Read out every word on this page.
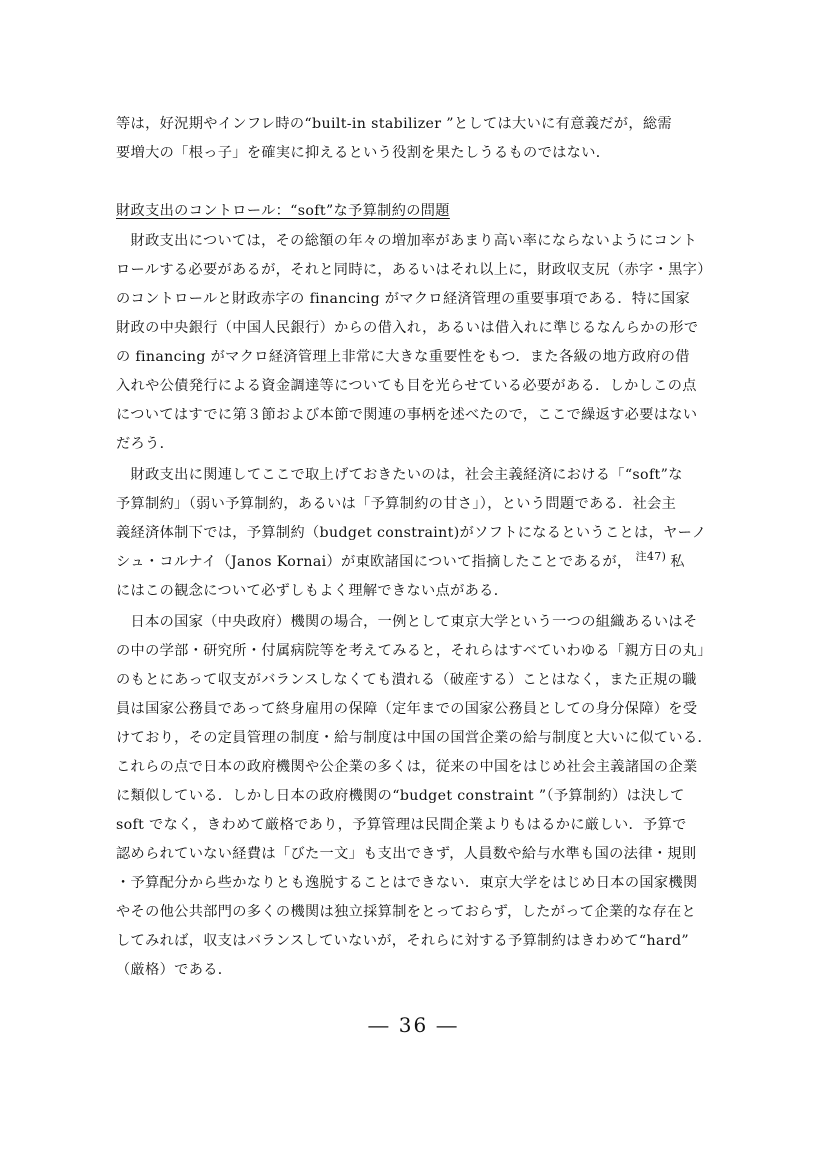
等は，好況期やインフレ時の“built-in stabilizer ”としては大いに有意義だが，総需
要増大の「根っ子」を確実に抑えるという役割を果たしうるものではない．
財政支出のコントロール：“soft”な予算制約の問題
　財政支出については，その総額の年々の増加率があまり高い率にならないようにコント
ロールする必要があるが，それと同時に，あるいはそれ以上に，財政収支尻（赤字・黒字）
のコントロールと財政赤字の financing がマクロ経済管理の重要事項である．特に国家
財政の中央銀行（中国人民銀行）からの借入れ，あるいは借入れに準じるなんらかの形で
の financing がマクロ経済管理上非常に大きな重要性をもつ．また各級の地方政府の借
入れや公債発行による資金調達等についても目を光らせている必要がある．しかしこの点
についてはすでに第３節および本節で関連の事柄を述べたので，ここで繰返す必要はない
だろう．
　財政支出に関連してここで取上げておきたいのは，社会主義経済における「“soft”な
予算制約」（弱い予算制約，あるいは「予算制約の甘さ」），という問題である．社会主
義経済体制下では，予算制約（budget constraint)がソフトになるということは，ヤーノ
シュ・コルナイ（Janos Kornai）が東欧諸国について指摘したことであるが， $^{注47)}$ 私
にはこの観念について必ずしもよく理解できない点がある．
　日本の国家（中央政府）機関の場合，一例として東京大学という一つの組織あるいはそ
の中の学部・研究所・付属病院等を考えてみると，それらはすべていわゆる「親方日の丸」
のもとにあって収支がバランスしなくても潰れる（破産する）ことはなく，また正規の職
員は国家公務員であって終身雇用の保障（定年までの国家公務員としての身分保障）を受
けており，その定員管理の制度・給与制度は中国の国営企業の給与制度と大いに似ている．
これらの点で日本の政府機関や公企業の多くは，従来の中国をはじめ社会主義諸国の企業
に類似している．しかし日本の政府機関の“budget constraint ”（予算制約）は決して
soft でなく，きわめて厳格であり，予算管理は民間企業よりもはるかに厳しい．予算で
認められていない経費は「びた一文」も支出できず，人員数や給与水準も国の法律・規則
・予算配分から些かなりとも逸脱することはできない．東京大学をはじめ日本の国家機関
やその他公共部門の多くの機関は独立採算制をとっておらず，したがって企業的な存在と
してみれば，収支はバランスしていないが，それらに対する予算制約はきわめて“hard”
（厳格）である．
― 36 ―
